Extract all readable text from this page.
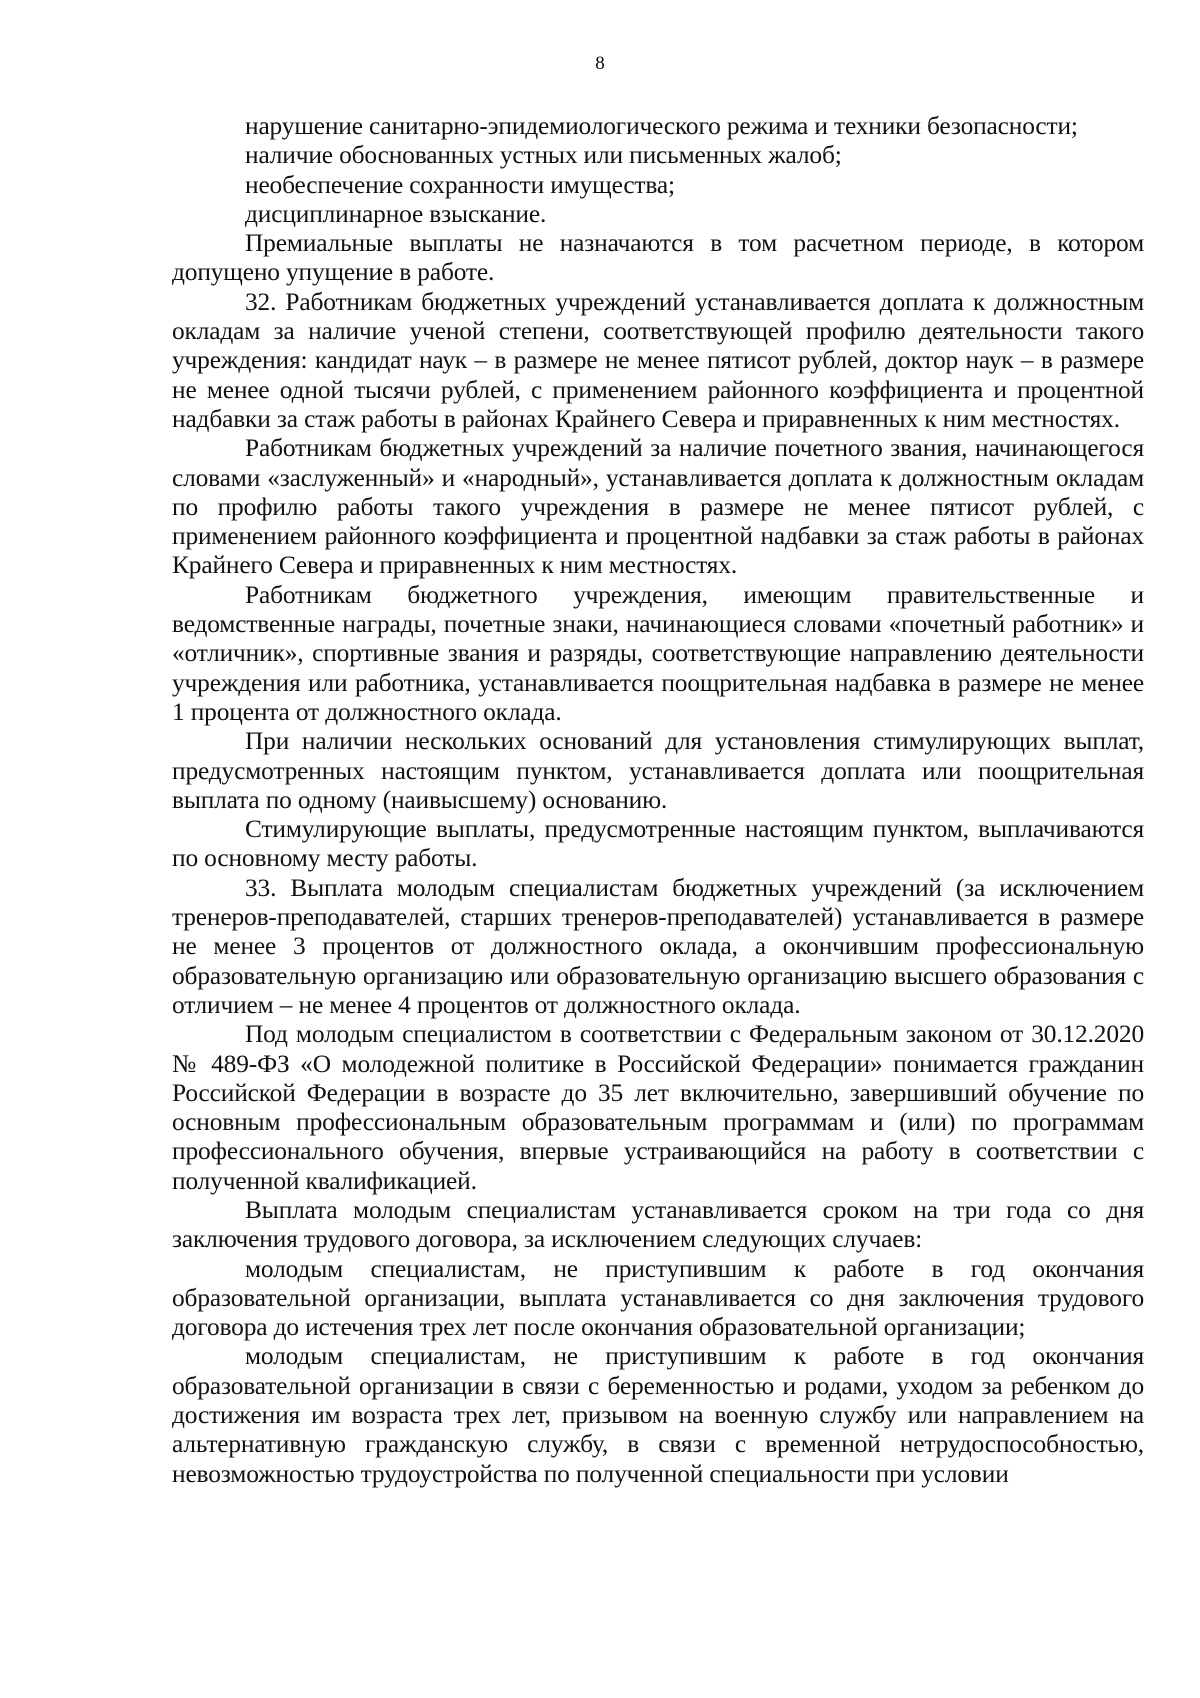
8

нарушение санитарно-эпидемиологического режима и техники безопасности;

наличие обоснованных устных или письменных жалоб;

необеспечение сохранности имущества;

дисциплинарное взыскание.

Премиальные выплаты не назначаются в том расчетном периоде, в котором допущено упущение в работе.

32. Работникам бюджетных учреждений устанавливается доплата к должностным окладам за наличие ученой степени, соответствующей профилю деятельности такого учреждения: кандидат наук – в размере не менее пятисот рублей, доктор наук – в размере не менее одной тысячи рублей, с применением районного коэффициента и процентной надбавки за стаж работы в районах Крайнего Севера и приравненных к ним местностях.

Работникам бюджетных учреждений за наличие почетного звания, начинающегося словами «заслуженный» и «народный», устанавливается доплата к должностным окладам по профилю работы такого учреждения в размере не менее пятисот рублей, с применением районного коэффициента и процентной надбавки за стаж работы в районах Крайнего Севера и приравненных к ним местностях.

Работникам бюджетного учреждения, имеющим правительственные и ведомственные награды, почетные знаки, начинающиеся словами «почетный работник» и «отличник», спортивные звания и разряды, соответствующие направлению деятельности учреждения или работника, устанавливается поощрительная надбавка в размере не менее 1 процента от должностного оклада.

При наличии нескольких оснований для установления стимулирующих выплат, предусмотренных настоящим пунктом, устанавливается доплата или поощрительная выплата по одному (наивысшему) основанию.

Стимулирующие выплаты, предусмотренные настоящим пунктом, выплачиваются по основному месту работы.

33. Выплата молодым специалистам бюджетных учреждений (за исключением тренеров-преподавателей, старших тренеров-преподавателей) устанавливается в размере не менее 3 процентов от должностного оклада, а окончившим профессиональную образовательную организацию или образовательную организацию высшего образования с отличием – не менее 4 процентов от должностного оклада.

Под молодым специалистом в соответствии с Федеральным законом от 30.12.2020 № 489-ФЗ «О молодежной политике в Российской Федерации» понимается гражданин Российской Федерации в возрасте до 35 лет включительно, завершивший обучение по основным профессиональным образовательным программам и (или) по программам профессионального обучения, впервые устраивающийся на работу в соответствии с полученной квалификацией.

Выплата молодым специалистам устанавливается сроком на три года со дня заключения трудового договора, за исключением следующих случаев:

молодым специалистам, не приступившим к работе в год окончания образовательной организации, выплата устанавливается со дня заключения трудового договора до истечения трех лет после окончания образовательной организации;

молодым специалистам, не приступившим к работе в год окончания образовательной организации в связи с беременностью и родами, уходом за ребенком до достижения им возраста трех лет, призывом на военную службу или направлением на альтернативную гражданскую службу, в связи с временной нетрудоспособностью, невозможностью трудоустройства по полученной специальности при условии
